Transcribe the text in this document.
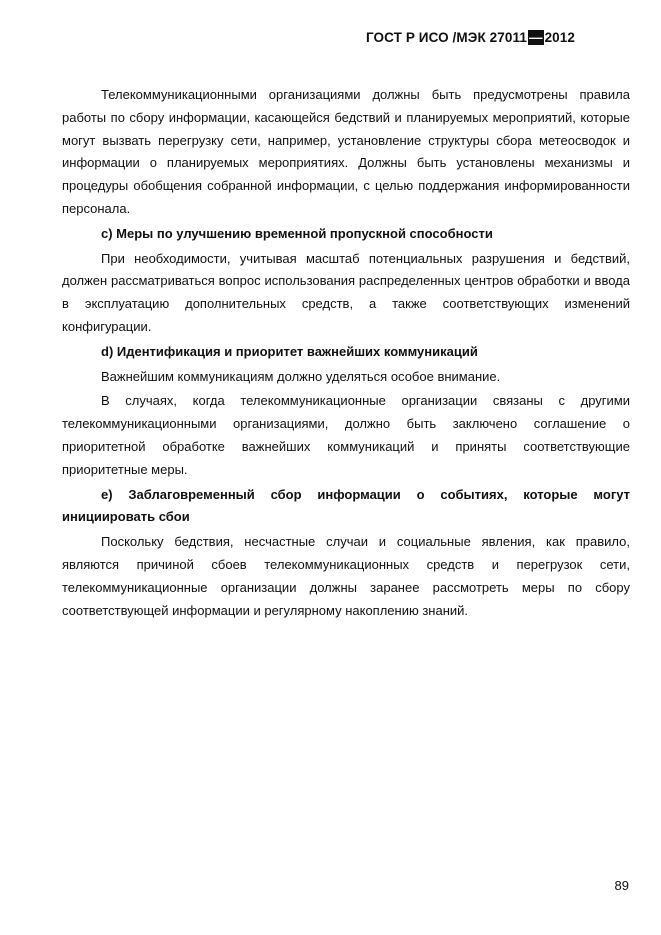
ГОСТ Р ИСО /МЭК 27011 — 2012

Телекоммуникационными организациями должны быть предусмотрены правила работы по сбору информации, касающейся бедствий и планируемых мероприятий, которые могут вызвать перегрузку сети, например, установление структуры сбора метеосводок и информации о планируемых мероприятиях. Должны быть установлены механизмы и процедуры обобщения собранной информации, с целью поддержания информированности персонала.

c) Меры по улучшению временной пропускной способности

При необходимости, учитывая масштаб потенциальных разрушения и бедствий, должен рассматриваться вопрос использования распределенных центров обработки и ввода в эксплуатацию дополнительных средств, а также соответствующих изменений конфигурации.

d) Идентификация и приоритет важнейших коммуникаций

Важнейшим коммуникациям должно уделяться особое внимание.

В случаях, когда телекоммуникационные организации связаны с другими телекоммуникационными организациями, должно быть заключено соглашение о приоритетной обработке важнейших коммуникаций и приняты соответствующие приоритетные меры.

e) Заблаговременный сбор информации о событиях, которые могут инициировать сбои

Поскольку бедствия, несчастные случаи и социальные явления, как правило, являются причиной сбоев телекоммуникационных средств и перегрузок сети, телекоммуникационные организации должны заранее рассмотреть меры по сбору соответствующей информации и регулярному накоплению знаний.

89
